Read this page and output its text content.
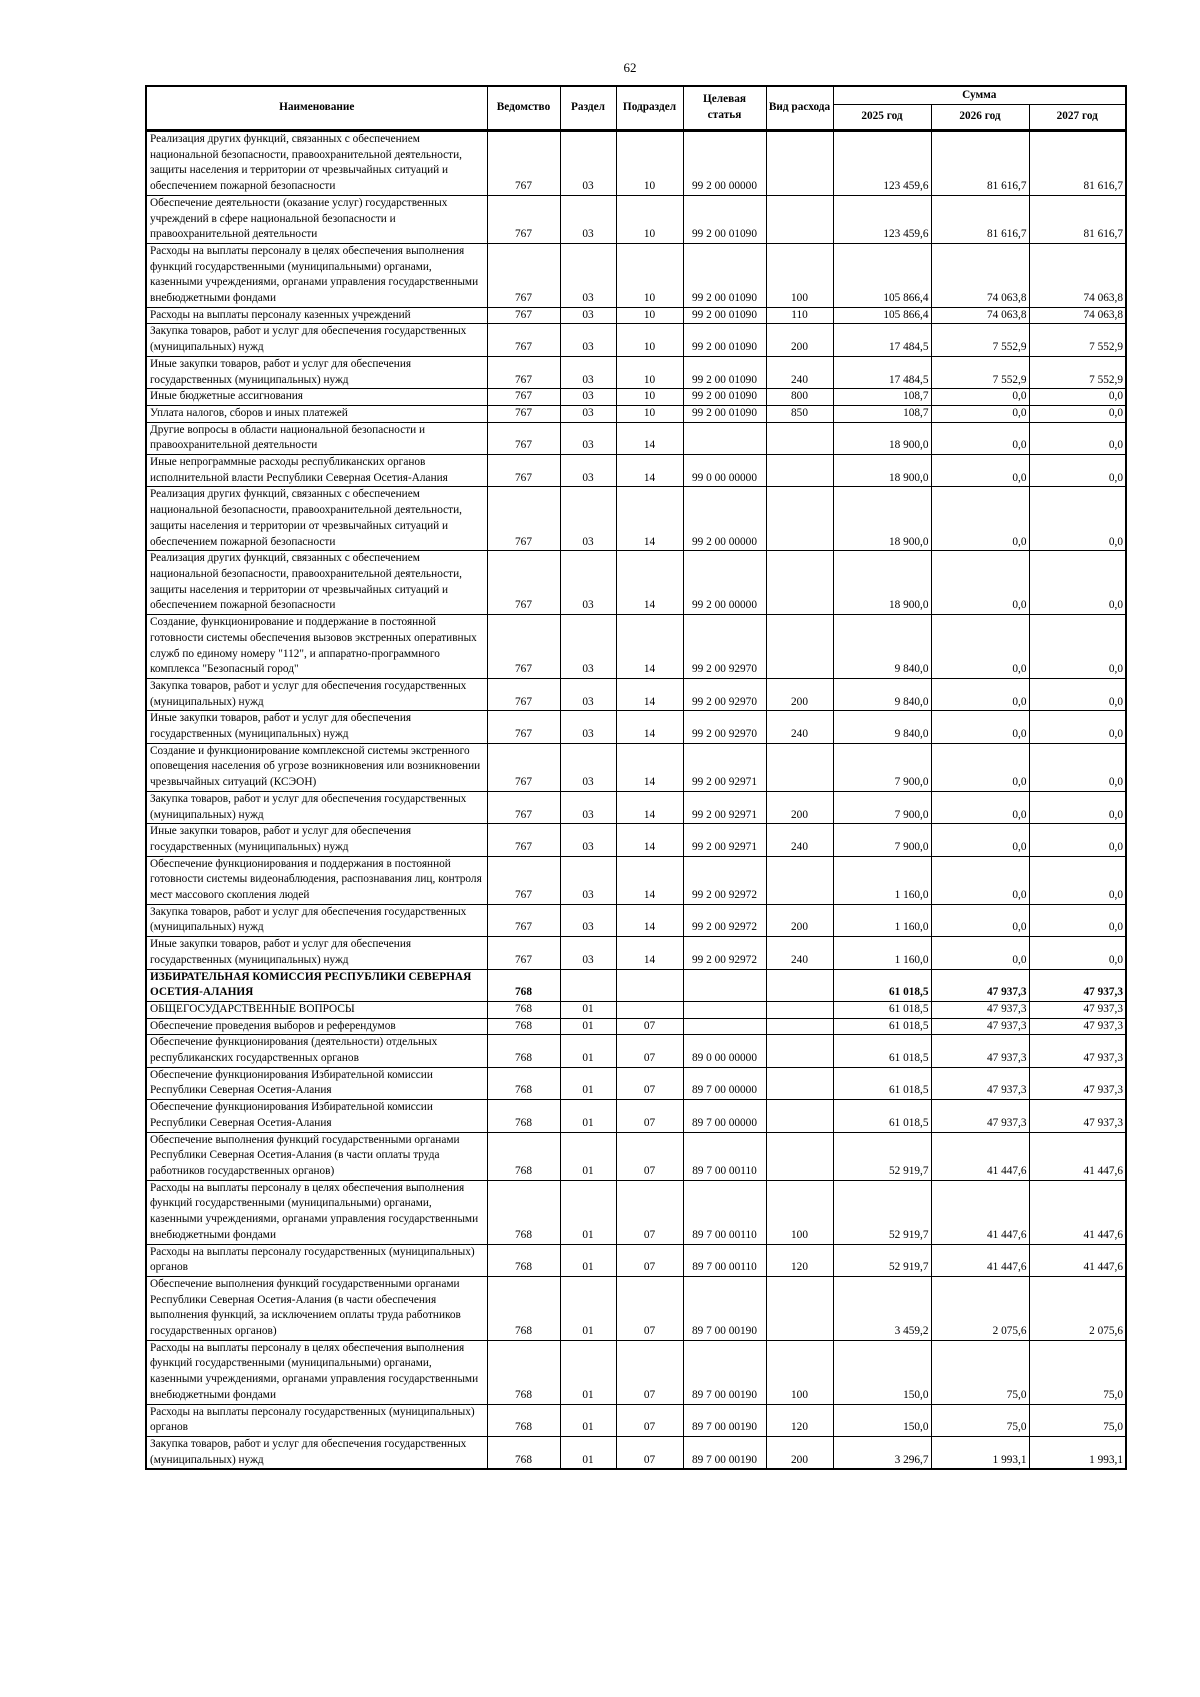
62
Наименование	Ведомство	Раздел	Подраздел	Целевая статья	Вид расхода	Сумма		
						2025 год	2026 год	2027 год
Реализация других функций, связанных с обеспечением национальной безопасности, правоохранительной деятельности, защиты населения и территории от чрезвычайных ситуаций и обеспечением пожарной безопасности	767	03	10	99 2 00 00000		123 459,6	81 616,7	81 616,7
Обеспечение деятельности (оказание услуг) государственных учреждений в сфере национальной безопасности и правоохранительной деятельности	767	03	10	99 2 00 01090		123 459,6	81 616,7	81 616,7
Расходы на выплаты персоналу в целях обеспечения выполнения функций государственными (муниципальными) органами, казенными учреждениями, органами управления государственными внебюджетными фондами	767	03	10	99 2 00 01090	100	105 866,4	74 063,8	74 063,8
Расходы на выплаты персоналу казенных учреждений	767	03	10	99 2 00 01090	110	105 866,4	74 063,8	74 063,8
Закупка товаров, работ и услуг для обеспечения государственных (муниципальных) нужд	767	03	10	99 2 00 01090	200	17 484,5	7 552,9	7 552,9
Иные закупки товаров, работ и услуг для обеспечения государственных (муниципальных) нужд	767	03	10	99 2 00 01090	240	17 484,5	7 552,9	7 552,9
Иные бюджетные ассигнования	767	03	10	99 2 00 01090	800	108,7	0,0	0,0
Уплата налогов, сборов и иных платежей	767	03	10	99 2 00 01090	850	108,7	0,0	0,0
Другие вопросы в области национальной безопасности и правоохранительной деятельности	767	03	14			18 900,0	0,0	0,0
Иные непрограммные расходы республиканских органов исполнительной власти Республики Северная Осетия-Алания	767	03	14	99 0 00 00000		18 900,0	0,0	0,0
Реализация других функций, связанных с обеспечением национальной безопасности, правоохранительной деятельности, защиты населения и территории от чрезвычайных ситуаций и обеспечением пожарной безопасности	767	03	14	99 2 00 00000		18 900,0	0,0	0,0
Реализация других функций, связанных с обеспечением национальной безопасности, правоохранительной деятельности, защиты населения и территории от чрезвычайных ситуаций и обеспечением пожарной безопасности	767	03	14	99 2 00 00000		18 900,0	0,0	0,0
Создание, функционирование и поддержание в постоянной готовности системы обеспечения вызовов экстренных оперативных служб по единому номеру "112", и аппаратно-программного комплекса "Безопасный город"	767	03	14	99 2 00 92970		9 840,0	0,0	0,0
Закупка товаров, работ и услуг для обеспечения государственных (муниципальных) нужд	767	03	14	99 2 00 92970	200	9 840,0	0,0	0,0
Иные закупки товаров, работ и услуг для обеспечения государственных (муниципальных) нужд	767	03	14	99 2 00 92970	240	9 840,0	0,0	0,0
Создание и функционирование комплексной системы экстренного оповещения населения об угрозе возникновения или возникновении чрезвычайных ситуаций (КСЭОН)	767	03	14	99 2 00 92971		7 900,0	0,0	0,0
Закупка товаров, работ и услуг для обеспечения государственных (муниципальных) нужд	767	03	14	99 2 00 92971	200	7 900,0	0,0	0,0
Иные закупки товаров, работ и услуг для обеспечения государственных (муниципальных) нужд	767	03	14	99 2 00 92971	240	7 900,0	0,0	0,0
Обеспечение функционирования и поддержания в постоянной готовности системы видеонаблюдения, распознавания лиц, контроля мест массового скопления людей	767	03	14	99 2 00 92972		1 160,0	0,0	0,0
Закупка товаров, работ и услуг для обеспечения государственных (муниципальных) нужд	767	03	14	99 2 00 92972	200	1 160,0	0,0	0,0
Иные закупки товаров, работ и услуг для обеспечения государственных (муниципальных) нужд	767	03	14	99 2 00 92972	240	1 160,0	0,0	0,0
ИЗБИРАТЕЛЬНАЯ КОМИССИЯ РЕСПУБЛИКИ СЕВЕРНАЯ ОСЕТИЯ-АЛАНИЯ	768					61 018,5	47 937,3	47 937,3
ОБЩЕГОСУДАРСТВЕННЫЕ ВОПРОСЫ	768	01				61 018,5	47 937,3	47 937,3
Обеспечение проведения выборов и референдумов	768	01	07			61 018,5	47 937,3	47 937,3
Обеспечение функционирования (деятельности) отдельных республиканских государственных органов	768	01	07	89 0 00 00000		61 018,5	47 937,3	47 937,3
Обеспечение функционирования Избирательной комиссии Республики Северная Осетия-Алания	768	01	07	89 7 00 00000		61 018,5	47 937,3	47 937,3
Обеспечение функционирования Избирательной комиссии Республики Северная Осетия-Алания	768	01	07	89 7 00 00000		61 018,5	47 937,3	47 937,3
Обеспечение выполнения функций государственными органами Республики Северная Осетия-Алания (в части оплаты труда работников государственных органов)	768	01	07	89 7 00 00110		52 919,7	41 447,6	41 447,6
Расходы на выплаты персоналу в целях обеспечения выполнения функций государственными (муниципальными) органами, казенными учреждениями, органами управления государственными внебюджетными фондами	768	01	07	89 7 00 00110	100	52 919,7	41 447,6	41 447,6
Расходы на выплаты персоналу государственных (муниципальных) органов	768	01	07	89 7 00 00110	120	52 919,7	41 447,6	41 447,6
Обеспечение выполнения функций государственными органами Республики Северная Осетия-Алания (в части обеспечения выполнения функций, за исключением оплаты труда работников государственных органов)	768	01	07	89 7 00 00190		3 459,2	2 075,6	2 075,6
Расходы на выплаты персоналу в целях обеспечения выполнения функций государственными (муниципальными) органами, казенными учреждениями, органами управления государственными внебюджетными фондами	768	01	07	89 7 00 00190	100	150,0	75,0	75,0
Расходы на выплаты персоналу государственных (муниципальных) органов	768	01	07	89 7 00 00190	120	150,0	75,0	75,0
Закупка товаров, работ и услуг для обеспечения государственных (муниципальных) нужд	768	01	07	89 7 00 00190	200	3 296,7	1 993,1	1 993,1
